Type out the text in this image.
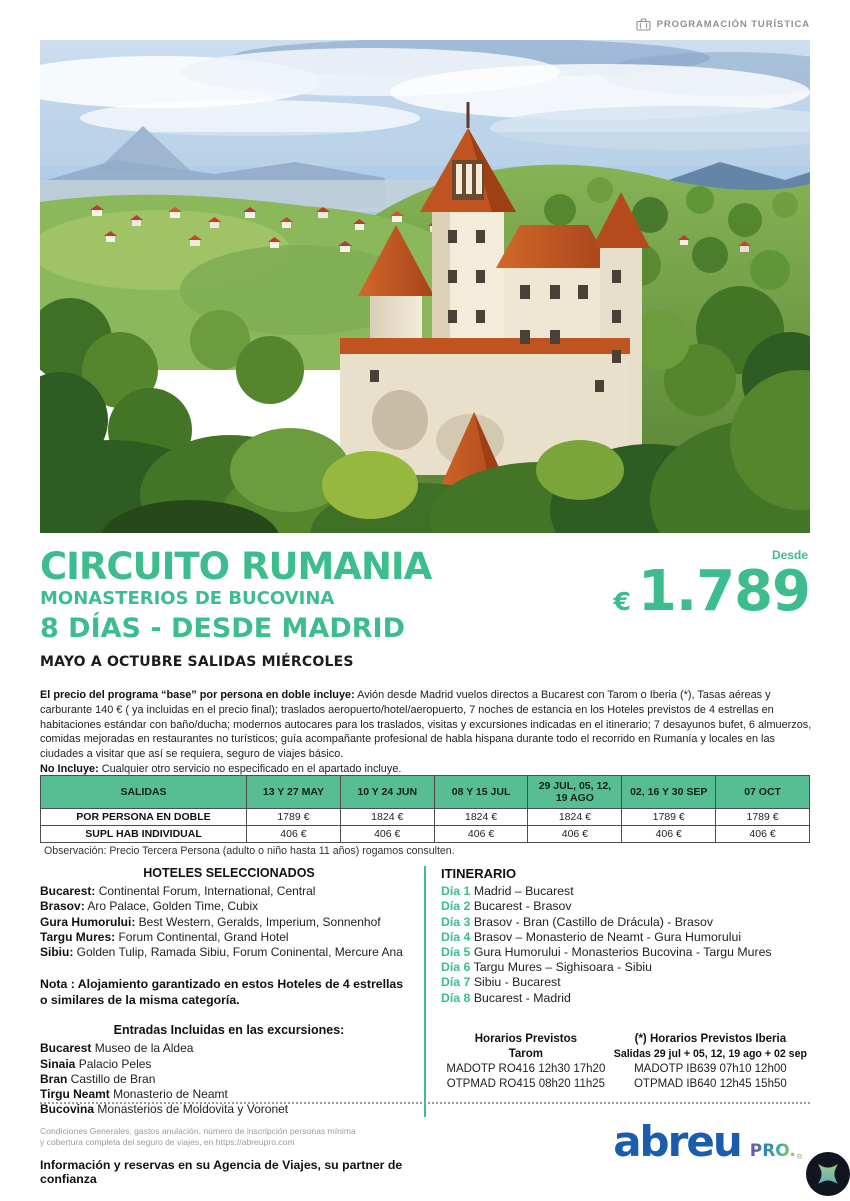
PROGRAMACIÓN TURÍSTICA
CIRCUITO RUMANIA
MONASTERIOS DE BUCOVINA
8 DÍAS - DESDE MADRID
MAYO A OCTUBRE SALIDAS MIÉRCOLES
Desde
€ 1.789

El precio del programa “base” por persona en doble incluye: Avión desde Madrid vuelos directos a Bucarest con Tarom o Iberia (*), Tasas aéreas y carburante 140 € ( ya incluidas en el precio final); traslados aeropuerto/hotel/aeropuerto, 7 noches de estancia en los Hoteles previstos de 4 estrellas en habitaciones estándar con baño/ducha; modernos autocares para los traslados, visitas y excursiones indicadas en el itinerario; 7 desayunos bufet, 6 almuerzos, comidas mejoradas en restaurantes no turísticos; guía acompañante profesional de habla hispana durante todo el recorrido en Rumanía y locales en las ciudades a visitar que así se requiera, seguro de viajes básico.

No Incluye: Cualquier otro servicio no especificado en el apartado incluye.

SALIDAS	13 Y 27 MAY	10 Y 24 JUN	08 Y 15 JUL	29 JUL, 05, 12, 19 AGO	02, 16 Y 30 SEP	07 OCT
POR PERSONA EN DOBLE	1789 €	1824 €	1824 €	1824 €	1789 €	1789 €
SUPL HAB INDIVIDUAL	406 €	406 €	406 €	406 €	406 €	406 €
Observación: Precio Tercera Persona (adulto o niño hasta 11 años) rogamos consulten.
HOTELES SELECCIONADOS
Bucarest: Continental Forum, International, Central
Brasov: Aro Palace, Golden Time, Cubix
Gura Humorului: Best Western, Geralds, Imperium, Sonnenhof
Targu Mures: Forum Continental, Grand Hotel
Sibiu: Golden Tulip, Ramada Sibiu, Forum Coninental, Mercure Ana
Nota : Alojamiento garantizado en estos Hoteles de 4 estrellas
o similares de la misma categoría.
Entradas Incluidas en las excursiones:
Bucarest Museo de la Aldea
Sinaia Palacio Peles
Bran Castillo de Bran
Tirgu Neamt Monasterio de Neamt
Bucovina Monasterios de Moldovita y Voronet
ITINERARIO
Día 1 Madrid – Bucarest
Día 2 Bucarest - Brasov
Día 3 Brasov - Bran (Castillo de Drácula) - Brasov
Día 4 Brasov – Monasterio de Neamt - Gura Humorului
Día 5 Gura Humorului - Monasterios Bucovina - Targu Mures
Día 6 Targu Mures – Sighisoara - Sibiu
Día 7 Sibiu - Bucarest
Día 8 Bucarest - Madrid
Horarios Previstos
Tarom
MADOTP RO416 12h30 17h20
OTPMAD RO415 08h20 11h25
(*) Horarios Previstos Iberia
Salidas 29 jul + 05, 12, 19 ago + 02 sep
MADOTP IB639 07h10 12h00
OTPMAD IB640 12h45 15h50
Condiciones Generales, gastos anulación, número de inscripción personas mínima
y cobertura completa del seguro de viajes, en https://abreupro.com
Información y reservas en su Agencia de Viajes, su partner de confianza
abreu PRO. ®
